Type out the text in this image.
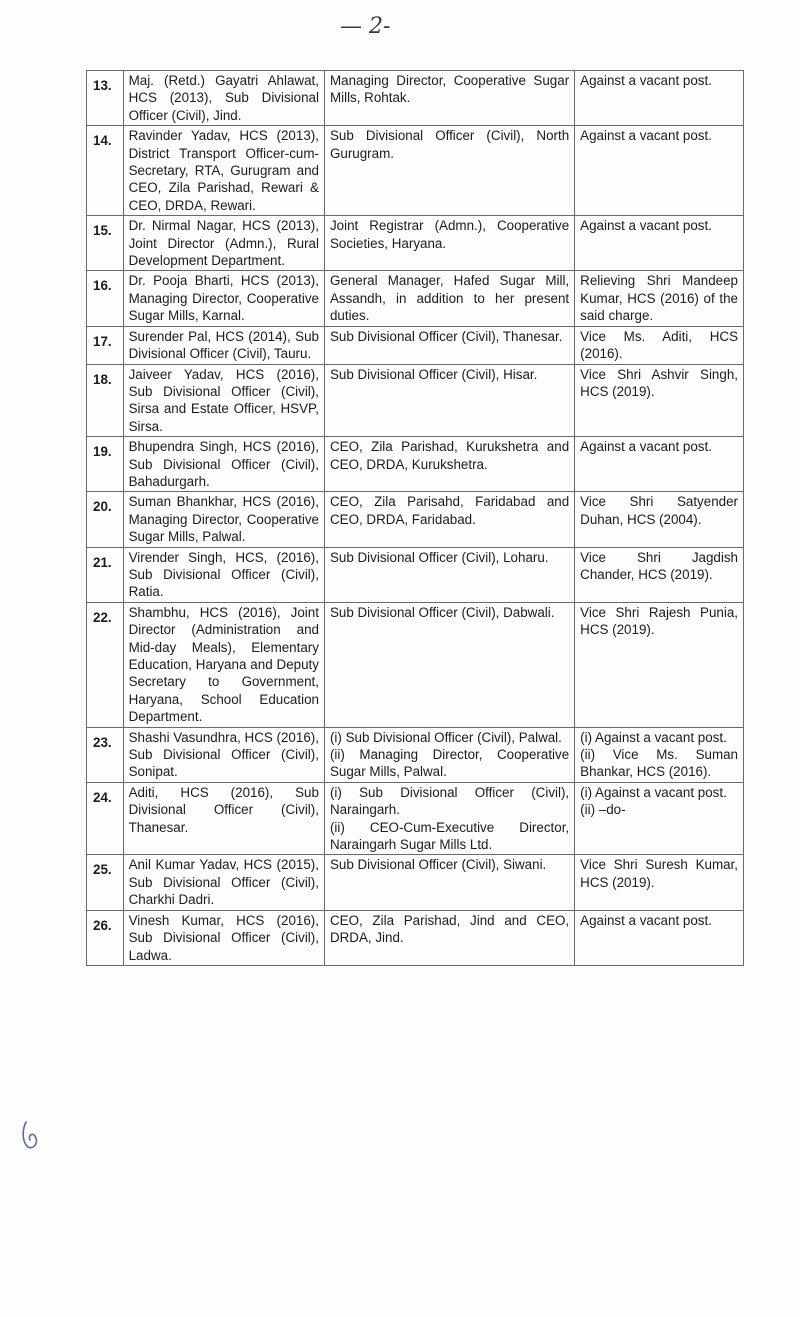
— 2-
13.	Maj. (Retd.) Gayatri Ahlawat, HCS (2013), Sub Divisional Officer (Civil), Jind.	Managing Director, Cooperative Sugar Mills, Rohtak.	Against a vacant post.

14.	Ravinder Yadav, HCS (2013), District Transport Officer-cum-Secretary, RTA, Gurugram and CEO, Zila Parishad, Rewari & CEO, DRDA, Rewari.	Sub Divisional Officer (Civil), North Gurugram.	Against a vacant post.

15.	Dr. Nirmal Nagar, HCS (2013), Joint Director (Admn.), Rural Development Department.	Joint Registrar (Admn.), Cooperative Societies, Haryana.	Against a vacant post.

16.	Dr. Pooja Bharti, HCS (2013), Managing Director, Cooperative Sugar Mills, Karnal.	General Manager, Hafed Sugar Mill, Assandh, in addition to her present duties.	Relieving Shri Mandeep Kumar, HCS (2016) of the said charge.

17.	Surender Pal, HCS (2014), Sub Divisional Officer (Civil), Tauru.	Sub Divisional Officer (Civil), Thanesar.	Vice Ms. Aditi, HCS (2016).

18.	Jaiveer Yadav, HCS (2016), Sub Divisional Officer (Civil), Sirsa and Estate Officer, HSVP, Sirsa.	Sub Divisional Officer (Civil), Hisar.	Vice Shri Ashvir Singh, HCS (2019).

19.	Bhupendra Singh, HCS (2016), Sub Divisional Officer (Civil), Bahadurgarh.	CEO, Zila Parishad, Kurukshetra and CEO, DRDA, Kurukshetra.	Against a vacant post.

20.	Suman Bhankhar, HCS (2016), Managing Director, Cooperative Sugar Mills, Palwal.	CEO, Zila Parisahd, Faridabad and CEO, DRDA, Faridabad.	Vice Shri Satyender Duhan, HCS (2004).

21.	Virender Singh, HCS, (2016), Sub Divisional Officer (Civil), Ratia.	Sub Divisional Officer (Civil), Loharu.	Vice Shri Jagdish Chander, HCS (2019).

22.	Shambhu, HCS (2016), Joint Director (Administration and Mid-day Meals), Elementary Education, Haryana and Deputy Secretary to Government, Haryana, School Education Department.	Sub Divisional Officer (Civil), Dabwali.	Vice Shri Rajesh Punia, HCS (2019).

23.	Shashi Vasundhra, HCS (2016), Sub Divisional Officer (Civil), Sonipat.	(i) Sub Divisional Officer (Civil), Palwal.
(ii) Managing Director, Cooperative Sugar Mills, Palwal.	(i) Against a vacant post.
(ii) Vice Ms. Suman Bhankar, HCS (2016).

24.	Aditi, HCS (2016), Sub Divisional Officer (Civil), Thanesar.	(i) Sub Divisional Officer (Civil), Naraingarh.
(ii) CEO-Cum-Executive Director, Naraingarh Sugar Mills Ltd.	(i) Against a vacant post.
(ii) –do-

25.	Anil Kumar Yadav, HCS (2015), Sub Divisional Officer (Civil), Charkhi Dadri.	Sub Divisional Officer (Civil), Siwani.	Vice Shri Suresh Kumar, HCS (2019).

26.	Vinesh Kumar, HCS (2016), Sub Divisional Officer (Civil), Ladwa.	CEO, Zila Parishad, Jind and CEO, DRDA, Jind.	Against a vacant post.
